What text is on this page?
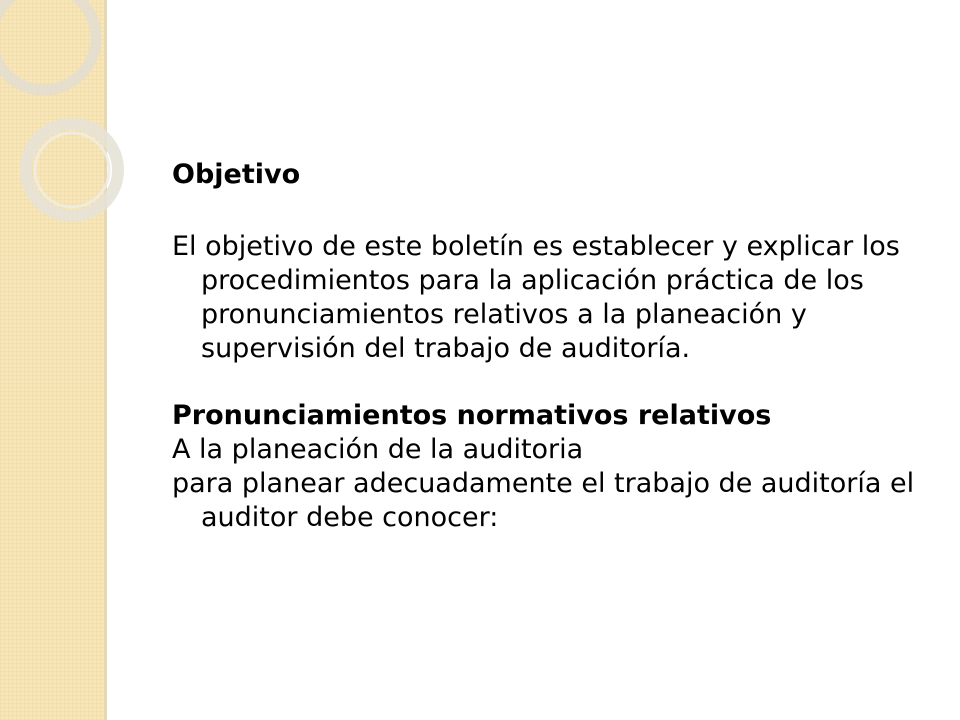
Objetivo

El objetivo de este boletín es establecer y explicar los procedimientos para la aplicación práctica de los pronunciamientos relativos a la planeación y supervisión del trabajo de auditoría.

Pronunciamientos normativos relativos

A la planeación de la auditoria

para planear adecuadamente el trabajo de auditoría el auditor debe conocer:
